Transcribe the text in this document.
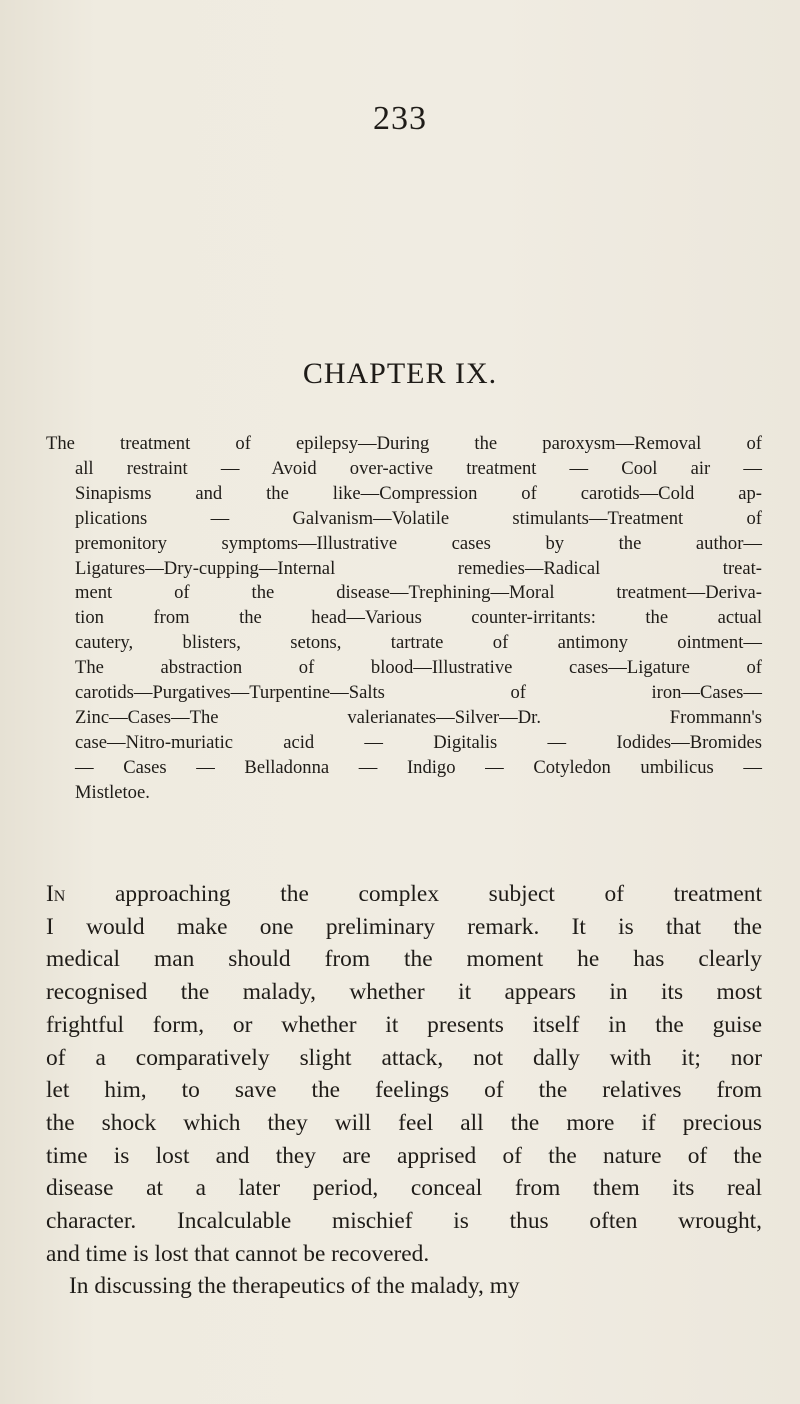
233
CHAPTER IX.
The treatment of epilepsy—During the paroxysm—Removal of
all restraint — Avoid over-active treatment — Cool air —
Sinapisms and the like—Compression of carotids—Cold ap-
plications — Galvanism—Volatile stimulants—Treatment of
premonitory symptoms—Illustrative cases by the author—
Ligatures—Dry-cupping—Internal remedies—Radical treat-
ment of the disease—Trephining—Moral treatment—Deriva-
tion from the head—Various counter-irritants: the actual
cautery, blisters, setons, tartrate of antimony ointment—
The abstraction of blood—Illustrative cases—Ligature of
carotids—Purgatives—Turpentine—Salts of iron—Cases—
Zinc—Cases—The valerianates—Silver—Dr. Frommann's
case—Nitro-muriatic acid — Digitalis — Iodides—Bromides
— Cases — Belladonna — Indigo — Cotyledon umbilicus —
Mistletoe.
In approaching the complex subject of treatment
I would make one preliminary remark. It is that the
medical man should from the moment he has clearly
recognised the malady, whether it appears in its most
frightful form, or whether it presents itself in the guise
of a comparatively slight attack, not dally with it; nor
let him, to save the feelings of the relatives from
the shock which they will feel all the more if precious
time is lost and they are apprised of the nature of the
disease at a later period, conceal from them its real
character. Incalculable mischief is thus often wrought,
and time is lost that cannot be recovered.
In discussing the therapeutics of the malady, my
